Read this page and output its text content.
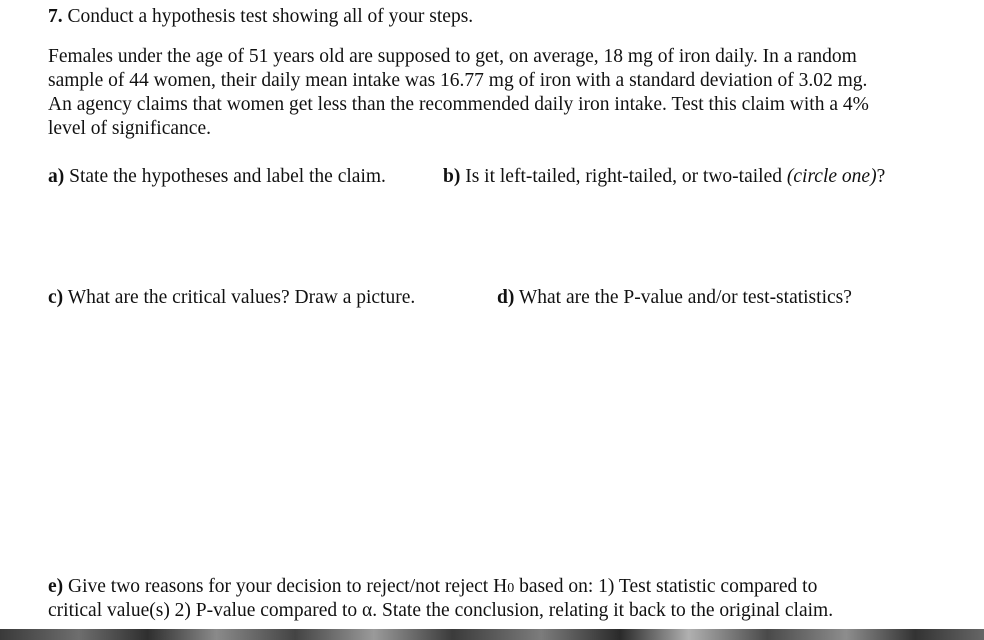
7. Conduct a hypothesis test showing all of your steps.
Females under the age of 51 years old are supposed to get, on average, 18 mg of iron daily. In a random
sample of 44 women, their daily mean intake was 16.77 mg of iron with a standard deviation of 3.02 mg.
An agency claims that women get less than the recommended daily iron intake. Test this claim with a 4%
level of significance.
a) State the hypotheses and label the claim.	b) Is it left-tailed, right-tailed, or two-tailed (circle one)?
c) What are the critical values? Draw a picture.	d) What are the P-value and/or test-statistics?
e) Give two reasons for your decision to reject/not reject H0 based on: 1) Test statistic compared to
critical value(s) 2) P-value compared to α. State the conclusion, relating it back to the original claim.
